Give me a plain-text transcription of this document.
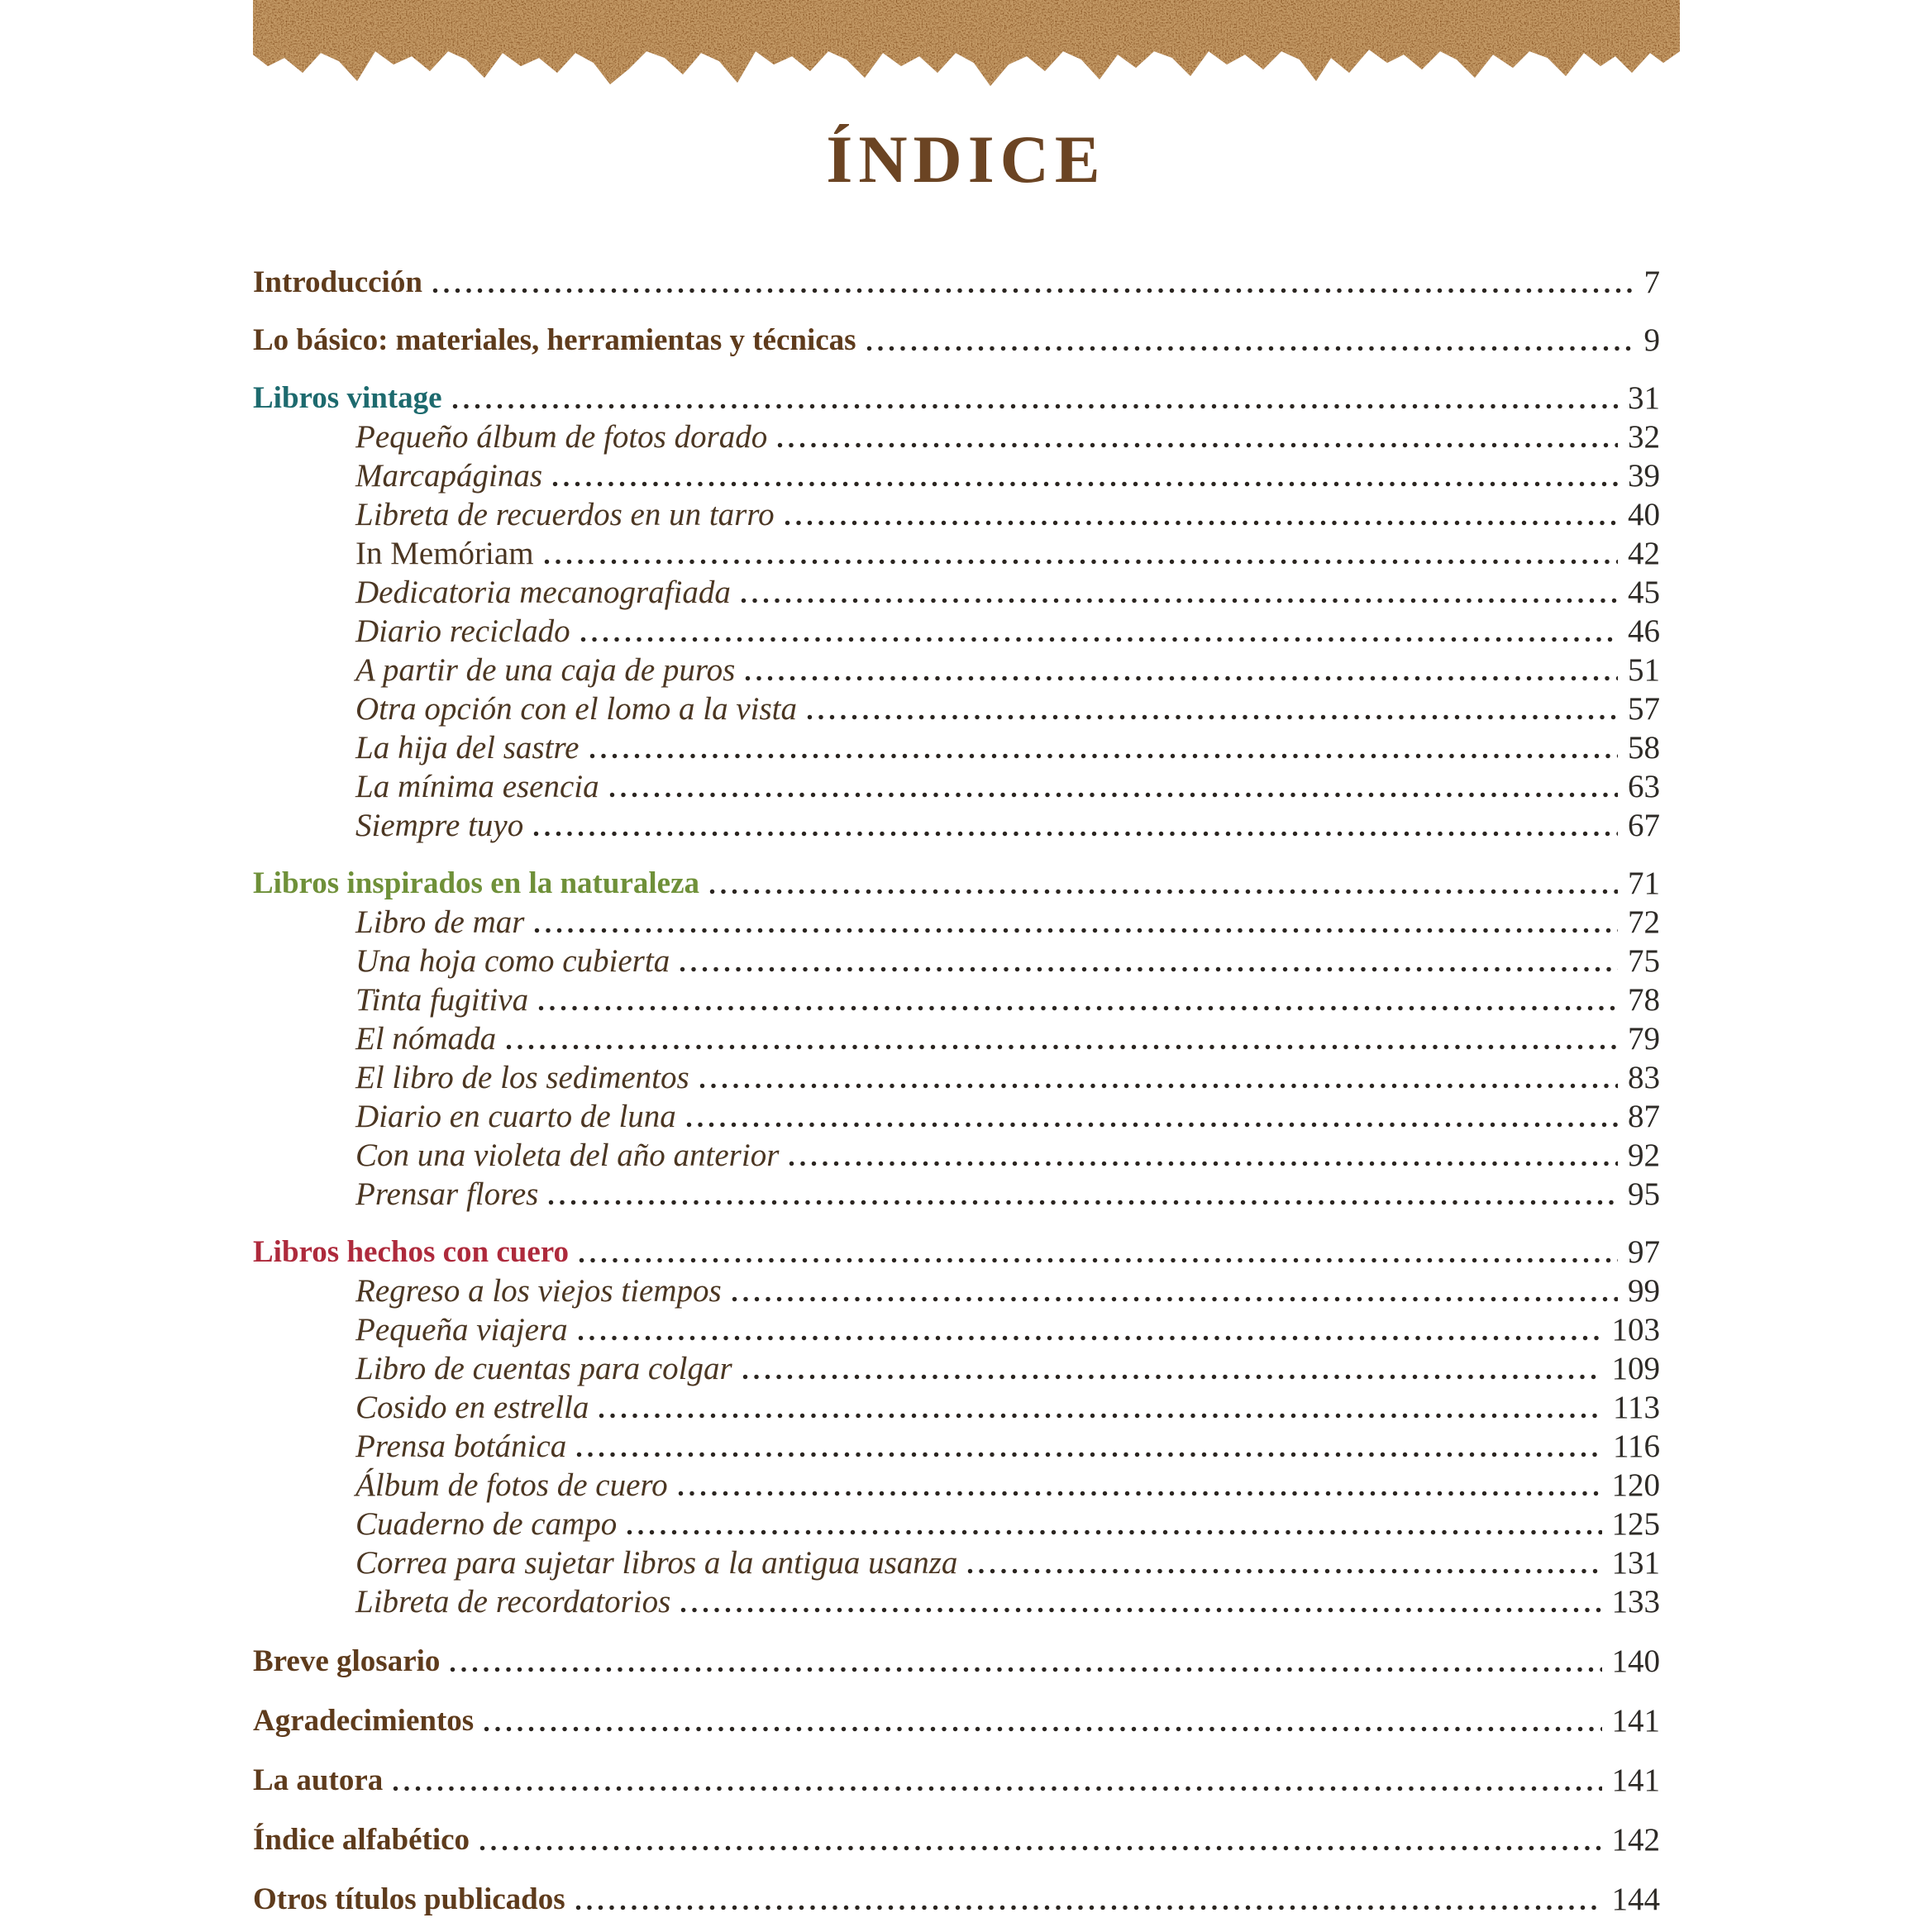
ÍNDICE
Introducción	7
Lo básico: materiales, herramientas y técnicas	9
Libros vintage	31
Pequeño álbum de fotos dorado	32
Marcapáginas	39
Libreta de recuerdos en un tarro	40
In Memóriam	42
Dedicatoria mecanografiada	45
Diario reciclado	46
A partir de una caja de puros	51
Otra opción con el lomo a la vista	57
La hija del sastre	58
La mínima esencia	63
Siempre tuyo	67
Libros inspirados en la naturaleza	71
Libro de mar	72
Una hoja como cubierta	75
Tinta fugitiva	78
El nómada	79
El libro de los sedimentos	83
Diario en cuarto de luna	87
Con una violeta del año anterior	92
Prensar flores	95
Libros hechos con cuero	97
Regreso a los viejos tiempos	99
Pequeña viajera	103
Libro de cuentas para colgar	109
Cosido en estrella	113
Prensa botánica	116
Álbum de fotos de cuero	120
Cuaderno de campo	125
Correa para sujetar libros a la antigua usanza	131
Libreta de recordatorios	133
Breve glosario	140
Agradecimientos	141
La autora	141
Índice alfabético	142
Otros títulos publicados	144
